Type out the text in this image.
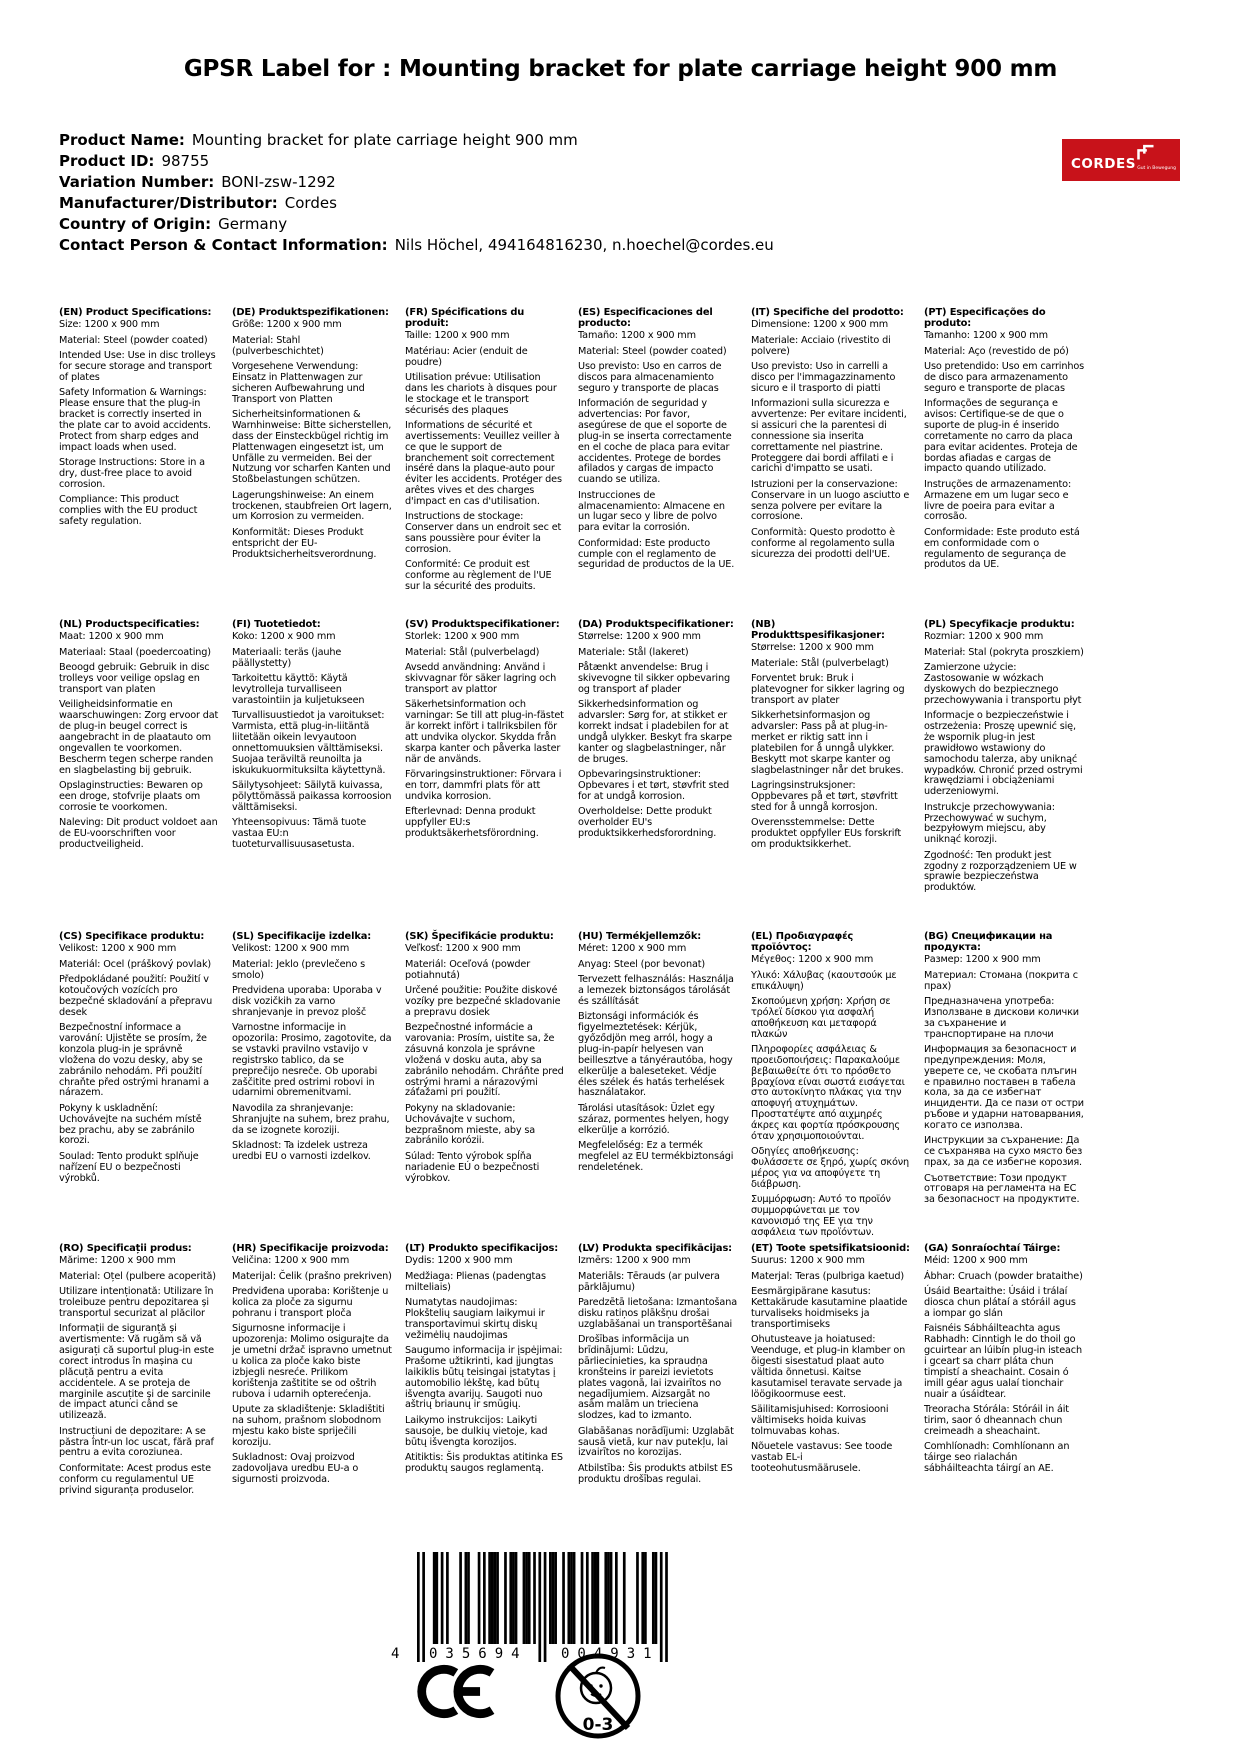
GPSR Label for : Mounting bracket for plate carriage height 900 mm
Product Name: Mounting bracket for plate carriage height 900 mm
Product ID: 98755
Variation Number: BONI-zsw-1292
Manufacturer/Distributor: Cordes
Country of Origin: Germany
Contact Person & Contact Information: Nils Höchel, 494164816230, n.hoechel@cordes.eu
CORDES Gut in Bewegung
(EN) Product Specifications:

Size: 1200 x 900 mm

Material: Steel (powder coated)

Intended Use: Use in disc trolleys for secure storage and transport of plates

Safety Information & Warnings: Please ensure that the plug-in bracket is correctly inserted in the plate car to avoid accidents. Protect from sharp edges and impact loads when used.

Storage Instructions: Store in a dry, dust-free place to avoid corrosion.

Compliance: This product complies with the EU product safety regulation.

(DE) Produktspezifikationen:

Größe: 1200 x 900 mm

Material: Stahl (pulverbeschichtet)

Vorgesehene Verwendung: Einsatz in Plattenwagen zur sicheren Aufbewahrung und Transport von Platten

Sicherheitsinformationen & Warnhinweise: Bitte sicherstellen, dass der Einsteckbügel richtig im Plattenwagen eingesetzt ist, um Unfälle zu vermeiden. Bei der Nutzung vor scharfen Kanten und Stoßbelastungen schützen.

Lagerungshinweise: An einem trockenen, staubfreien Ort lagern, um Korrosion zu vermeiden.

Konformität: Dieses Produkt entspricht der EU-Produktsicherheitsverordnung.

(FR) Spécifications du produit:

Taille: 1200 x 900 mm

Matériau: Acier (enduit de poudre)

Utilisation prévue: Utilisation dans les chariots à disques pour le stockage et le transport sécurisés des plaques

Informations de sécurité et avertissements: Veuillez veiller à ce que le support de branchement soit correctement inséré dans la plaque-auto pour éviter les accidents. Protéger des arêtes vives et des charges d'impact en cas d'utilisation.

Instructions de stockage: Conserver dans un endroit sec et sans poussière pour éviter la corrosion.

Conformité: Ce produit est conforme au règlement de l'UE sur la sécurité des produits.

(ES) Especificaciones del producto:

Tamaño: 1200 x 900 mm

Material: Steel (powder coated)

Uso previsto: Uso en carros de discos para almacenamiento seguro y transporte de placas

Información de seguridad y advertencias: Por favor, asegúrese de que el soporte de plug-in se inserta correctamente en el coche de placa para evitar accidentes. Protege de bordes afilados y cargas de impacto cuando se utiliza.

Instrucciones de almacenamiento: Almacene en un lugar seco y libre de polvo para evitar la corrosión.

Conformidad: Este producto cumple con el reglamento de seguridad de productos de la UE.

(IT) Specifiche del prodotto:

Dimensione: 1200 x 900 mm

Materiale: Acciaio (rivestito di polvere)

Uso previsto: Uso in carrelli a disco per l'immagazzinamento sicuro e il trasporto di piatti

Informazioni sulla sicurezza e avvertenze: Per evitare incidenti, si assicuri che la parentesi di connessione sia inserita correttamente nel piastrine. Proteggere dai bordi affilati e i carichi d'impatto se usati.

Istruzioni per la conservazione: Conservare in un luogo asciutto e senza polvere per evitare la corrosione.

Conformità: Questo prodotto è conforme al regolamento sulla sicurezza dei prodotti dell'UE.

(PT) Especificações do produto:

Tamanho: 1200 x 900 mm

Material: Aço (revestido de pó)

Uso pretendido: Uso em carrinhos de disco para armazenamento seguro e transporte de placas

Informações de segurança e avisos: Certifique-se de que o suporte de plug-in é inserido corretamente no carro da placa para evitar acidentes. Proteja de bordas afiadas e cargas de impacto quando utilizado.

Instruções de armazenamento: Armazene em um lugar seco e livre de poeira para evitar a corrosão.

Conformidade: Este produto está em conformidade com o regulamento de segurança de produtos da UE.

(NL) Productspecificaties:

Maat: 1200 x 900 mm

Materiaal: Staal (poedercoating)

Beoogd gebruik: Gebruik in disc trolleys voor veilige opslag en transport van platen

Veiligheidsinformatie en waarschuwingen: Zorg ervoor dat de plug-in beugel correct is aangebracht in de plaatauto om ongevallen te voorkomen. Bescherm tegen scherpe randen en slagbelasting bij gebruik.

Opslaginstructies: Bewaren op een droge, stofvrije plaats om corrosie te voorkomen.

Naleving: Dit product voldoet aan de EU-voorschriften voor productveiligheid.

(FI) Tuotetiedot:

Koko: 1200 x 900 mm

Materiaali: teräs (jauhe päällystetty)

Tarkoitettu käyttö: Käytä levytrolleja turvalliseen varastointiin ja kuljetukseen

Turvallisuustiedot ja varoitukset: Varmista, että plug-in-liitäntä liitetään oikein levyautoon onnettomuuksien välttämiseksi. Suojaa teräviltä reunoilta ja iskukukuormituksilta käytettynä.

Säilytysohjeet: Säilytä kuivassa, pölyttömässä paikassa korroosion välttämiseksi.

Yhteensopivuus: Tämä tuote vastaa EU:n tuoteturvallisuusasetusta.

(SV) Produktspecifikationer:

Storlek: 1200 x 900 mm

Material: Stål (pulverbelagd)

Avsedd användning: Använd i skivvagnar för säker lagring och transport av plattor

Säkerhetsinformation och varningar: Se till att plug-in-fästet är korrekt infört i tallriksbilen för att undvika olyckor. Skydda från skarpa kanter och påverka laster när de används.

Förvaringsinstruktioner: Förvara i en torr, dammfri plats för att undvika korrosion.

Efterlevnad: Denna produkt uppfyller EU:s produktsäkerhetsförordning.

(DA) Produktspecifikationer:

Størrelse: 1200 x 900 mm

Materiale: Stål (lakeret)

Påtænkt anvendelse: Brug i skivevogne til sikker opbevaring og transport af plader

Sikkerhedsinformation og advarsler: Sørg for, at stikket er korrekt indsat i pladebilen for at undgå ulykker. Beskyt fra skarpe kanter og slagbelastninger, når de bruges.

Opbevaringsinstruktioner: Opbevares i et tørt, støvfrit sted for at undgå korrosion.

Overholdelse: Dette produkt overholder EU's produktsikkerhedsforordning.

(NB) Produkttspesifikasjoner:

Størrelse: 1200 x 900 mm

Materiale: Stål (pulverbelagt)

Forventet bruk: Bruk i platevogner for sikker lagring og transport av plater

Sikkerhetsinformasjon og advarsler: Pass på at plug-in-merket er riktig satt inn i platebilen for å unngå ulykker. Beskytt mot skarpe kanter og slagbelastninger når det brukes.

Lagringsinstruksjoner: Oppbevares på et tørt, støvfritt sted for å unngå korrosjon.

Overensstemmelse: Dette produktet oppfyller EUs forskrift om produktsikkerhet.

(PL) Specyfikacje produktu:

Rozmiar: 1200 x 900 mm

Materiał: Stal (pokryta proszkiem)

Zamierzone użycie: Zastosowanie w wózkach dyskowych do bezpiecznego przechowywania i transportu płyt

Informacje o bezpieczeństwie i ostrzeżenia: Proszę upewnić się, że wspornik plug-in jest prawidłowo wstawiony do samochodu talerza, aby uniknąć wypadków. Chronić przed ostrymi krawędziami i obciążeniami uderzeniowymi.

Instrukcje przechowywania: Przechowywać w suchym, bezpyłowym miejscu, aby uniknąć korozji.

Zgodność: Ten produkt jest zgodny z rozporządzeniem UE w sprawie bezpieczeństwa produktów.

(CS) Specifikace produktu:

Velikost: 1200 x 900 mm

Materiál: Ocel (práškový povlak)

Předpokládané použití: Použití v kotoučových vozících pro bezpečné skladování a přepravu desek

Bezpečnostní informace a varování: Ujistěte se prosím, že konzola plug-in je správně vložena do vozu desky, aby se zabránilo nehodám. Při použití chraňte před ostrými hranami a nárazem.

Pokyny k uskladnění: Uchovávejte na suchém místě bez prachu, aby se zabránilo korozi.

Soulad: Tento produkt splňuje nařízení EU o bezpečnosti výrobků.

(SL) Specifikacije izdelka:

Velikost: 1200 x 900 mm

Material: Jeklo (prevlečeno s smolo)

Predvidena uporaba: Uporaba v disk vozičkih za varno shranjevanje in prevoz plošč

Varnostne informacije in opozorila: Prosimo, zagotovite, da se vstavki pravilno vstavijo v registrsko tablico, da se preprečijo nesreče. Ob uporabi zaščitite pred ostrimi robovi in udarnimi obremenitvami.

Navodila za shranjevanje: Shranjujte na suhem, brez prahu, da se izognete koroziji.

Skladnost: Ta izdelek ustreza uredbi EU o varnosti izdelkov.

(SK) Špecifikácie produktu:

Veľkosť: 1200 x 900 mm

Materiál: Oceľová (powder potiahnutá)

Určené použitie: Použite diskové vozíky pre bezpečné skladovanie a prepravu dosiek

Bezpečnostné informácie a varovania: Prosím, uistite sa, že zásuvná konzola je správne vložená v dosku auta, aby sa zabránilo nehodám. Chráňte pred ostrými hrami a nárazovými záťažami pri použití.

Pokyny na skladovanie: Uchovávajte v suchom, bezprašnom mieste, aby sa zabránilo korózii.

Súlad: Tento výrobok spĺňa nariadenie EÚ o bezpečnosti výrobkov.

(HU) Termékjellemzők:

Méret: 1200 x 900 mm

Anyag: Steel (por bevonat)

Tervezett felhasználás: Használja a lemezek biztonságos tárolását és szállítását

Biztonsági információk és figyelmeztetések: Kérjük, győződjön meg arról, hogy a plug-in-papír helyesen van beillesztve a tányérautóba, hogy elkerülje a baleseteket. Védje éles szélek és hatás terhelések használatakor.

Tárolási utasítások: Üzlet egy száraz, pormentes helyen, hogy elkerülje a korrózió.

Megfelelőség: Ez a termék megfelel az EU termékbiztonsági rendeletének.

(EL) Προδιαγραφές προϊόντος:

Μέγεθος: 1200 x 900 mm

Υλικό: Χάλυβας (καουτσούκ με επικάλυψη)

Σκοπούμενη χρήση: Χρήση σε τρόλεϊ δίσκου για ασφαλή αποθήκευση και μεταφορά πλακών

Πληροφορίες ασφάλειας & προειδοποιήσεις: Παρακαλούμε βεβαιωθείτε ότι το πρόσθετο βραχίονα είναι σωστά εισάγεται στο αυτοκίνητο πλάκας για την αποφυγή ατυχημάτων. Προστατέψτε από αιχμηρές άκρες και φορτία πρόσκρουσης όταν χρησιμοποιούνται.

Οδηγίες αποθήκευσης: Φυλάσσετε σε ξηρό, χωρίς σκόνη μέρος για να αποφύγετε τη διάβρωση.

Συμμόρφωση: Αυτό το προϊόν συμμορφώνεται με τον κανονισμό της ΕΕ για την ασφάλεια των προϊόντων.

(BG) Спецификации на продукта:

Размер: 1200 x 900 mm

Материал: Стомана (покрита с прах)

Предназначена употреба: Използване в дискови колички за съхранение и транспортиране на плочи

Информация за безопасност и предупреждения: Моля, уверете се, че скобата плъгин е правилно поставен в табела кола, за да се избегнат инциденти. Да се пази от остри ръбове и ударни натоварвания, когато се използва.

Инструкции за съхранение: Да се съхранява на сухо място без прах, за да се избегне корозия.

Съответствие: Този продукт отговаря на регламента на ЕС за безопасност на продуктите.

(RO) Specificații produs:

Mărime: 1200 x 900 mm

Material: Oțel (pulbere acoperită)

Utilizare intenționată: Utilizare în troleibuze pentru depozitarea și transportul securizat al plăcilor

Informații de siguranță și avertismente: Vă rugăm să vă asigurați că suportul plug-in este corect introdus în mașina cu plăcuță pentru a evita accidentele. A se proteja de marginile ascuțite și de sarcinile de impact atunci când se utilizează.

Instrucțiuni de depozitare: A se păstra într-un loc uscat, fără praf pentru a evita coroziunea.

Conformitate: Acest produs este conform cu regulamentul UE privind siguranța produselor.

(HR) Specifikacije proizvoda:

Veličina: 1200 x 900 mm

Materijal: Čelik (prašno prekriven)

Predviđena uporaba: Korištenje u kolica za ploče za sigurnu pohranu i transport ploča

Sigurnosne informacije i upozorenja: Molimo osigurajte da je umetni držač ispravno umetnut u kolica za ploče kako biste izbjegli nesreće. Prilikom korištenja zaštitite se od oštrih rubova i udarnih opterećenja.

Upute za skladištenje: Skladištiti na suhom, prašnom slobodnom mjestu kako biste spriječili koroziju.

Sukladnost: Ovaj proizvod zadovoljava uredbu EU-a o sigurnosti proizvoda.

(LT) Produkto specifikacijos:

Dydis: 1200 x 900 mm

Medžiaga: Plienas (padengtas milteliais)

Numatytas naudojimas: Plokštelių saugiam laikymui ir transportavimui skirtų diskų vežimėlių naudojimas

Saugumo informacija ir įspėjimai: Prašome užtikrinti, kad įjungtas laikiklis būtų teisingai įstatytas į automobilio lėkštę, kad būtų išvengta avarijų. Saugoti nuo aštrių briaunų ir smūgių.

Laikymo instrukcijos: Laikyti sausoje, be dulkių vietoje, kad būtų išvengta korozijos.

Atitiktis: Šis produktas atitinka ES produktų saugos reglamentą.

(LV) Produkta specifikācijas:

Izmērs: 1200 x 900 mm

Materiāls: Tērauds (ar pulvera pārklājumu)

Paredzētā lietošana: Izmantošana disku ratiņos plākšņu drošai uzglabāšanai un transportēšanai

Drošības informācija un brīdinājumi: Lūdzu, pārliecinieties, ka spraudņa kronšteins ir pareizi ievietots plates vagonā, lai izvairītos no negadījumiem. Aizsargāt no asām malām un trieciena slodzes, kad to izmanto.

Glabāšanas norādījumi: Uzglabāt sausā vietā, kur nav putekļu, lai izvairītos no korozijas.

Atbilstība: Šis produkts atbilst ES produktu drošības regulai.

(ET) Toote spetsifikatsioonid:

Suurus: 1200 x 900 mm

Materjal: Teras (pulbriga kaetud)

Eesmärgipärane kasutus: Kettakärude kasutamine plaatide turvaliseks hoidmiseks ja transportimiseks

Ohutusteave ja hoiatused: Veenduge, et plug-in klamber on õigesti sisestatud plaat auto vältida õnnetusi. Kaitse kasutamisel teravate servade ja löögikoormuse eest.

Säilitamisjuhised: Korrosiooni vältimiseks hoida kuivas tolmuvabas kohas.

Nõuetele vastavus: See toode vastab EL-i tooteohutusmäärusele.

(GA) Sonraíochtaí Táirge:

Méid: 1200 x 900 mm

Ábhar: Cruach (powder brataithe)

Úsáid Beartaithe: Úsáid i trálaí diosca chun plátaí a stóráil agus a iompar go slán

Faisnéis Sábháilteachta agus Rabhadh: Cinntigh le do thoil go gcuirtear an lúibín plug-in isteach i gceart sa charr pláta chun timpistí a sheachaint. Cosain ó imill géar agus ualaí tionchair nuair a úsáidtear.

Treoracha Stórála: Stóráil in áit tirim, saor ó dheannach chun creimeadh a sheachaint.

Comhlíonadh: Comhlíonann an táirge seo rialachán sábháilteachta táirgí an AE.

4 035694 004931
0-3
